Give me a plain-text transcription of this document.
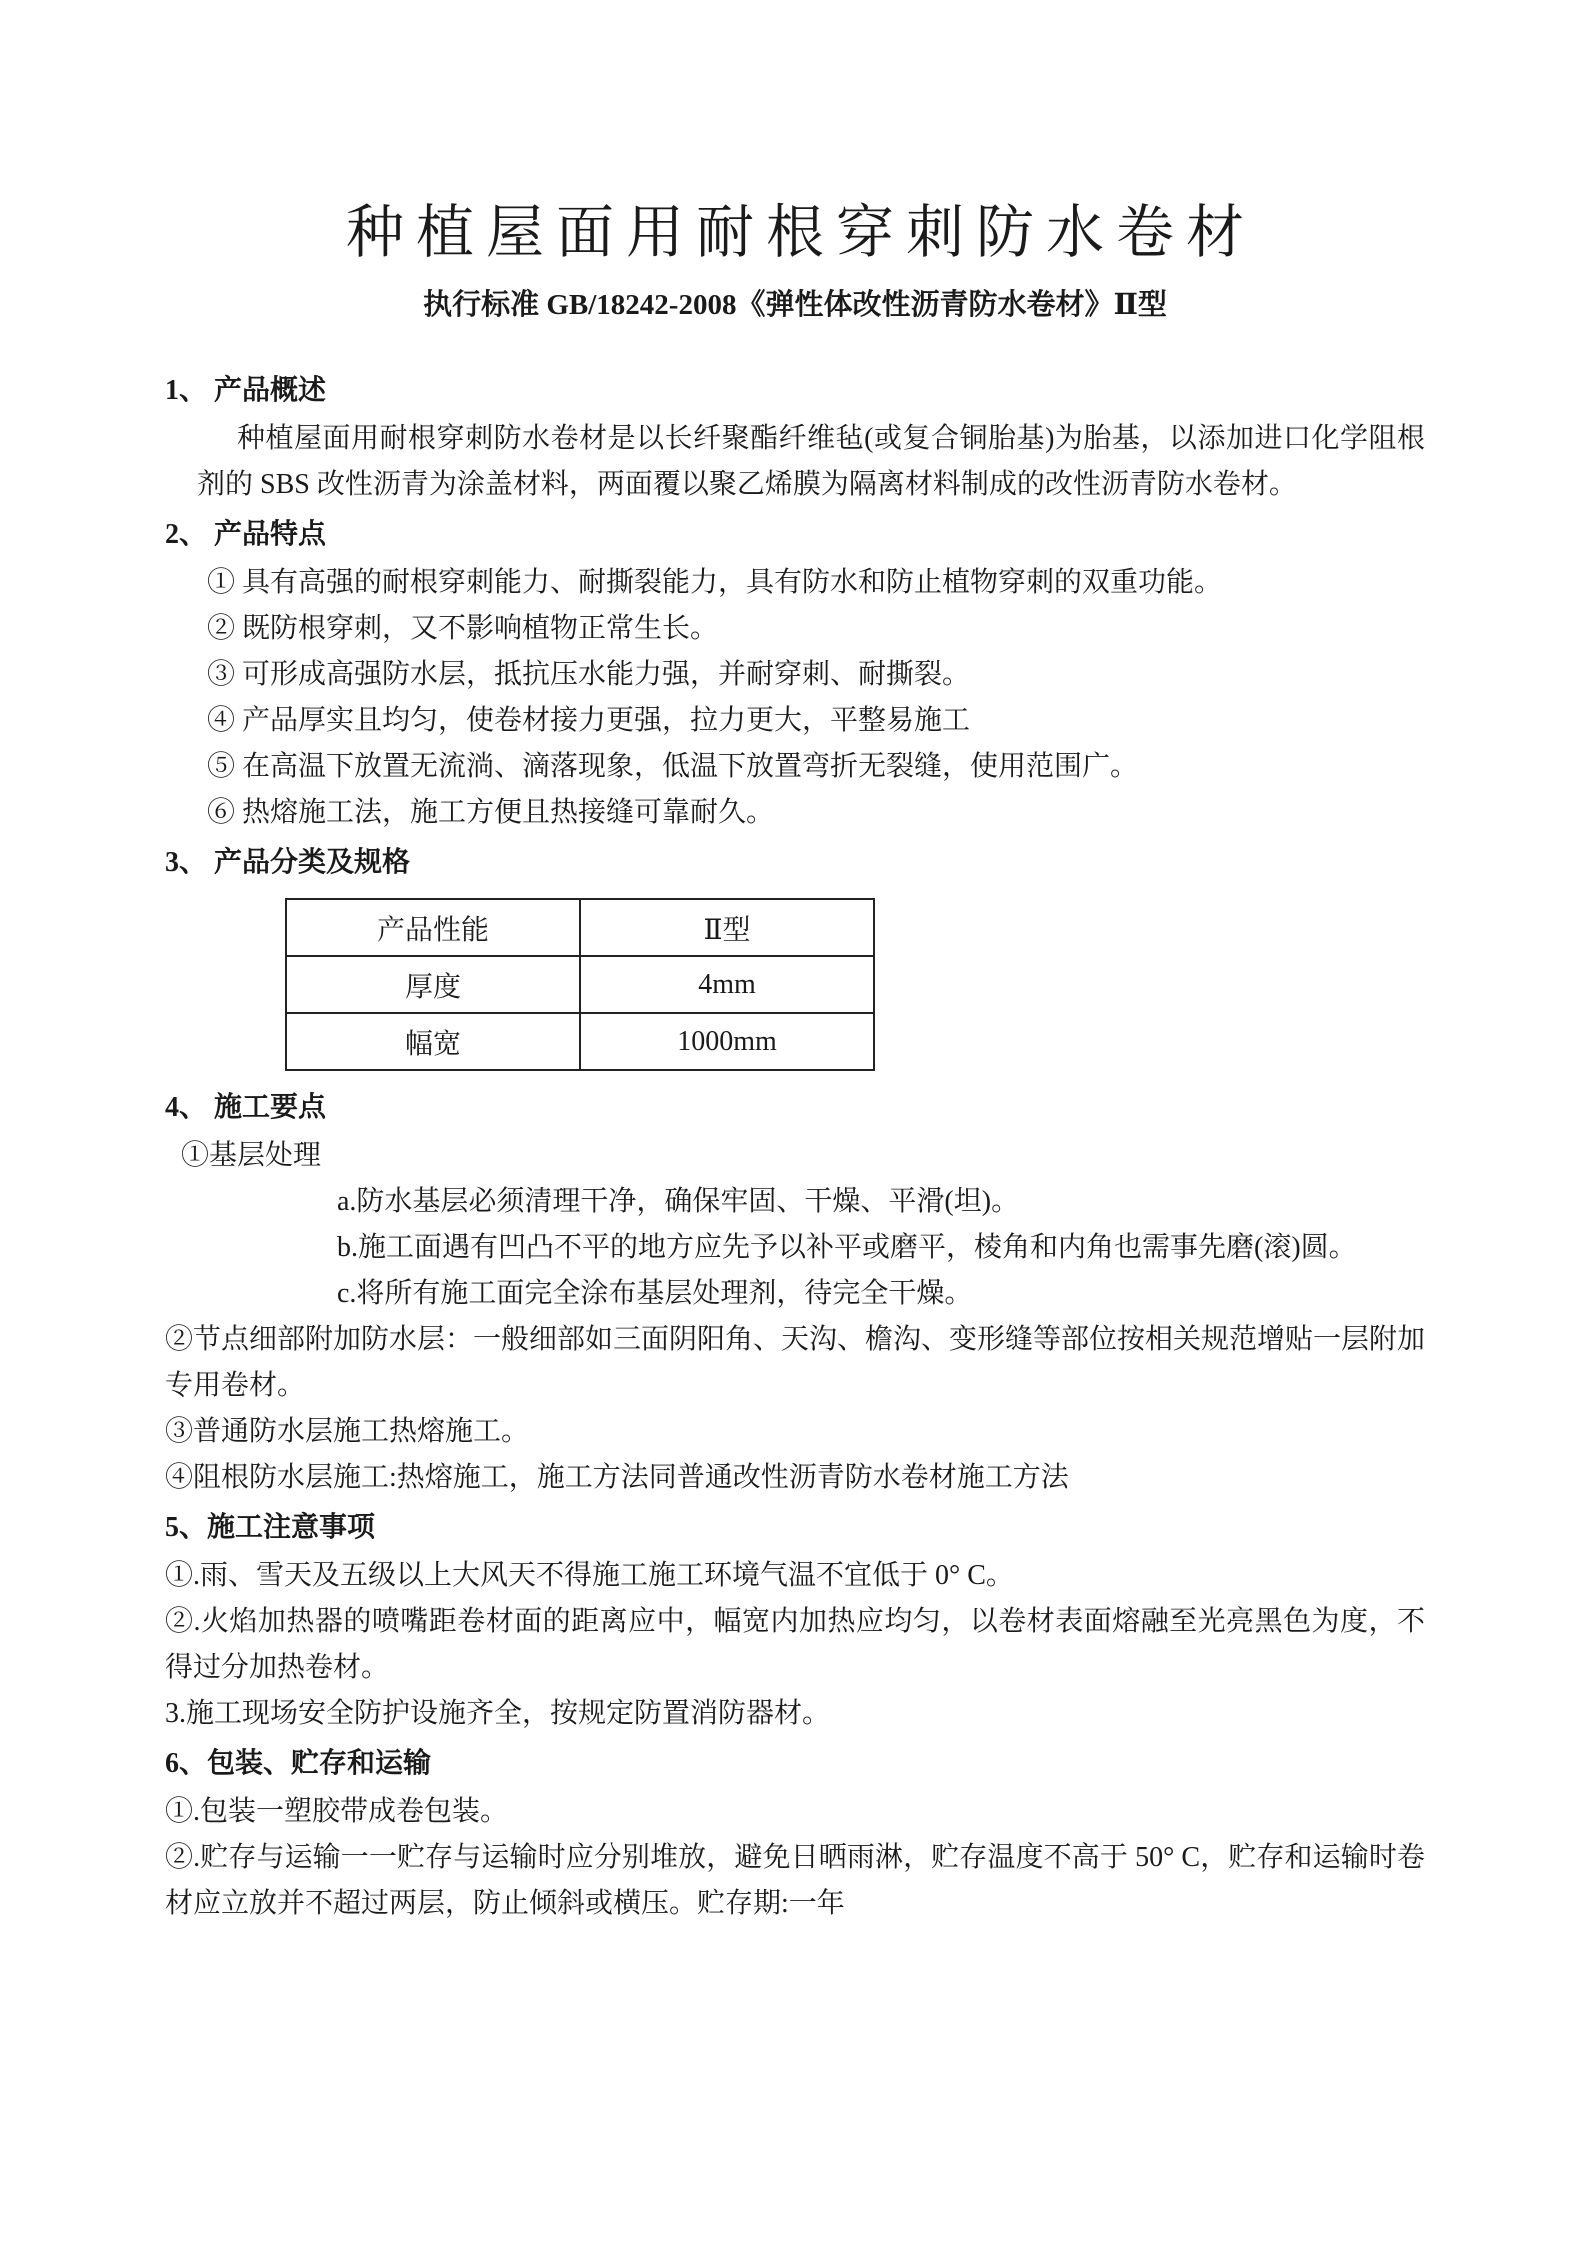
种植屋面用耐根穿刺防水卷材
执行标准 GB/18242-2008《弹性体改性沥青防水卷材》Ⅱ型
1、 产品概述

种植屋面用耐根穿刺防水卷材是以长纤聚酯纤维毡(或复合铜胎基)为胎基，以添加进口化学阻根剂的 SBS 改性沥青为涂盖材料，两面覆以聚乙烯膜为隔离材料制成的改性沥青防水卷材。

2、 产品特点

① 具有高强的耐根穿刺能力、耐撕裂能力，具有防水和防止植物穿刺的双重功能。

② 既防根穿刺，又不影响植物正常生长。

③ 可形成高强防水层，抵抗压水能力强，并耐穿刺、耐撕裂。

④ 产品厚实且均匀，使卷材接力更强，拉力更大，平整易施工

⑤ 在高温下放置无流淌、滴落现象，低温下放置弯折无裂缝，使用范围广。

⑥ 热熔施工法，施工方便且热接缝可靠耐久。

3、 产品分类及规格
产品性能	Ⅱ型
厚度	4mm
幅宽	1000mm
4、 施工要点

①基层处理

a.防水基层必须清理干净，确保牢固、干燥、平滑(坦)。

b.施工面遇有凹凸不平的地方应先予以补平或磨平，棱角和内角也需事先磨(滚)圆。

c.将所有施工面完全涂布基层处理剂，待完全干燥。

②节点细部附加防水层：一般细部如三面阴阳角、天沟、檐沟、变形缝等部位按相关规范增贴一层附加专用卷材。

③普通防水层施工热熔施工。

④阻根防水层施工:热熔施工，施工方法同普通改性沥青防水卷材施工方法

5、施工注意事项

①.雨、雪天及五级以上大风天不得施工施工环境气温不宜低于 0° C。

②.火焰加热器的喷嘴距卷材面的距离应中，幅宽内加热应均匀，以卷材表面熔融至光亮黑色为度，不得过分加热卷材。

3.施工现场安全防护设施齐全，按规定防置消防器材。

6、包装、贮存和运输

①.包装一塑胶带成卷包装。

②.贮存与运输一一贮存与运输时应分别堆放，避免日晒雨淋，贮存温度不高于 50° C，贮存和运输时卷材应立放并不超过两层，防止倾斜或横压。贮存期:一年
